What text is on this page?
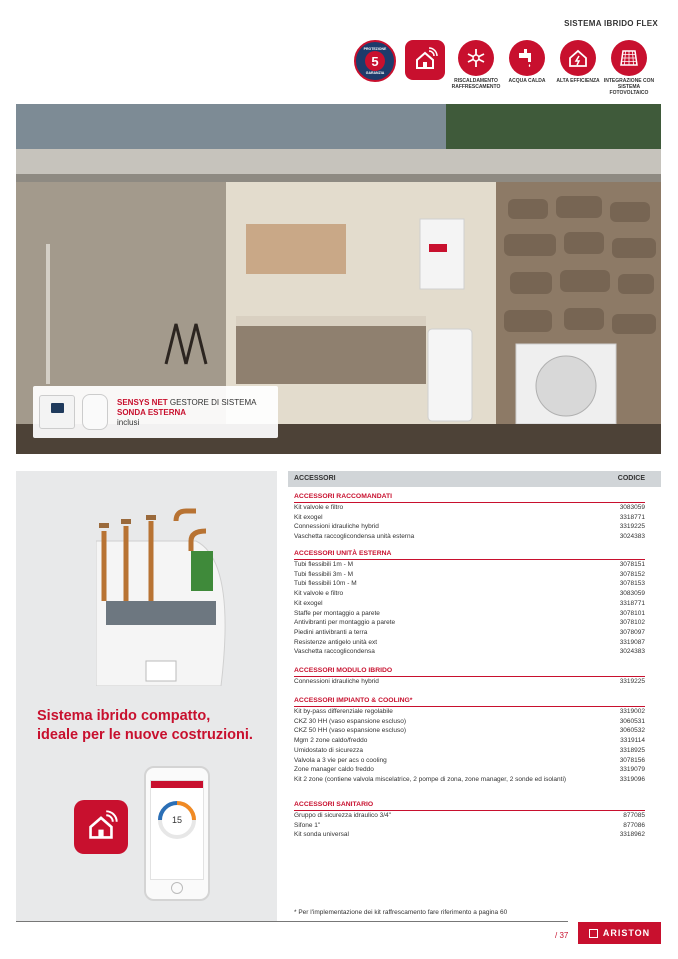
SISTEMA IBRIDO FLEX
PROTEZIONE
5
GARANZIA
RISCALDAMENTO RAFFRESCAMENTO
ACQUA CALDA	ALTA EFFICIENZA INTEGRAZIONE CON SISTEMA FOTOVOLTAICO
SENSYS NET GESTORE DI SISTEMA
SONDA ESTERNA
inclusi
Sistema ibrido compatto,
ideale per le nuove costruzioni.
15
ACCESSORI	CODICE
ACCESSORI RACCOMANDATI
Kit valvole e filtro	3083059
Kit exogel	3318771
Connessioni idrauliche hybrid	3319225
Vaschetta raccoglicondensa unità esterna	3024383
ACCESSORI UNITÀ ESTERNA
Tubi flessibili 1m - M	3078151
Tubi flessibili 3m - M	3078152
Tubi flessibili 10m - M	3078153
Kit valvole e filtro	3083059
Kit exogel	3318771
Staffe per montaggio a parete	3078101
Antivibranti per montaggio a parete	3078102
Piedini antivibranti a terra	3078097
Resistenze antigelo unità ext	3319087
Vaschetta raccoglicondensa	3024383
ACCESSORI MODULO IBRIDO
Connessioni idrauliche hybrid	3319225
ACCESSORI IMPIANTO & COOLING*
Kit by-pass differenziale regolabile	3319002
CKZ 30 HH (vaso espansione escluso)	3060531
CKZ 50 HH (vaso espansione escluso)	3060532
Mgm 2 zone caldo/freddo	3319114
Umidostato di sicurezza	3318925
Valvola a 3 vie per acs o cooling	3078156
Zone manager caldo freddo	3319079
Kit 2 zone (contiene valvola miscelatrice, 2 pompe di zona, zone manager, 2 sonde ed isolanti)	3319096
ACCESSORI SANITARIO
Gruppo di sicurezza idraulico 3/4"	877085
Sifone 1"	877086
Kit sonda universal	3318962
* Per l'implementazione dei kit raffrescamento fare riferimento a pagina 60
/ 37	ARISTON
